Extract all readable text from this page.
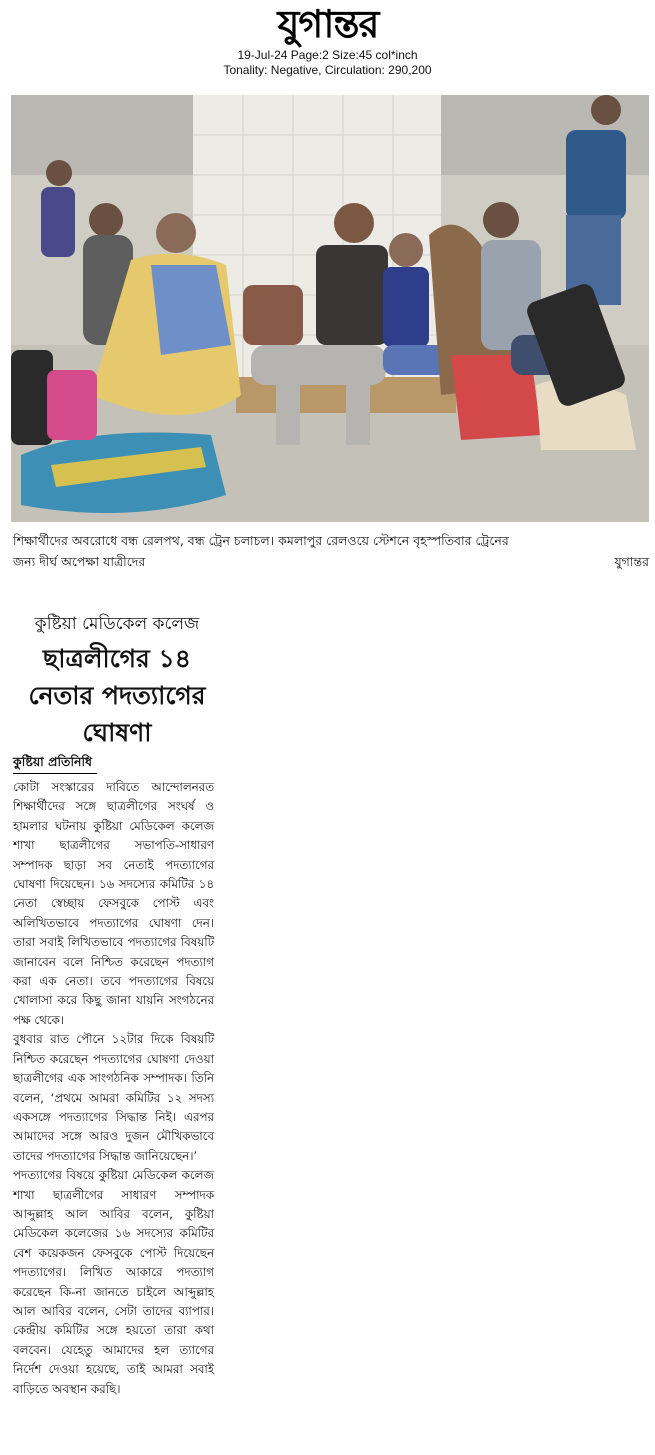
যুগান্তর
19-Jul-24 Page:2 Size:45 col*inch
Tonality: Negative, Circulation: 290,200
শিক্ষার্থীদের অবরোধে বন্ধ রেলপথ, বন্ধ ট্রেন চলাচল। কমলাপুর রেলওয়ে স্টেশনে বৃহস্পতিবার ট্রেনের
জন্য দীর্ঘ অপেক্ষা যাত্রীদের	যুগান্তর
কুষ্টিয়া মেডিকেল কলেজ
ছাত্রলীগের ১৪ নেতার পদত্যাগের ঘোষণা
কুষ্টিয়া প্রতিনিধি

কোটা সংস্কারের দাবিতে আন্দোলনরত শিক্ষার্থীদের সঙ্গে ছাত্রলীগের সংঘর্ষ ও হামলার ঘটনায় কুষ্টিয়া মেডিকেল কলেজ শাখা ছাত্রলীগের সভাপতি-সাধারণ সম্পাদক ছাড়া সব নেতাই পদত্যাগের ঘোষণা দিয়েছেন। ১৬ সদস্যের কমিটির ১৪ নেতা স্বেচ্ছায় ফেসবুকে পোস্ট এবং অলিখিতভাবে পদত্যাগের ঘোষণা দেন। তারা সবাই লিখিতভাবে পদত্যাগের বিষয়টি জানাবেন বলে নিশ্চিত করেছেন পদত্যাগ করা এক নেতা। তবে পদত্যাগের বিষয়ে খোলাসা করে কিছু জানা যায়নি সংগঠনের পক্ষ থেকে।

বুধবার রাত পৌনে ১২টার দিকে বিষয়টি নিশ্চিত করেছেন পদত্যাগের ঘোষণা দেওয়া ছাত্রলীগের এক সাংগঠনিক সম্পাদক। তিনি বলেন, ‘প্রথমে আমরা কমিটির ১২ সদস্য একসঙ্গে পদত্যাগের সিদ্ধান্ত নিই। এরপর আমাদের সঙ্গে আরও দুজন মৌখিকভাবে তাদের পদত্যাগের সিদ্ধান্ত জানিয়েছেন।’

পদত্যাগের বিষয়ে কুষ্টিয়া মেডিকেল কলেজ শাখা ছাত্রলীগের সাধারণ সম্পাদক আব্দুল্লাহ আল আবির বলেন, কুষ্টিয়া মেডিকেল কলেজের ১৬ সদস্যের কমিটির বেশ কয়েকজন ফেসবুকে পোস্ট দিয়েছেন পদত্যাগের। লিখিত আকারে পদত্যাগ করেছেন কি-না জানতে চাইলে আব্দুল্লাহ আল আবির বলেন, সেটা তাদের ব্যাপার। কেন্দ্রীয় কমিটির সঙ্গে হয়তো তারা কথা বলবেন। যেহেতু আমাদের হল ত্যাগের নির্দেশ দেওয়া হয়েছে, তাই আমরা সবাই বাড়িতে অবস্থান করছি।
